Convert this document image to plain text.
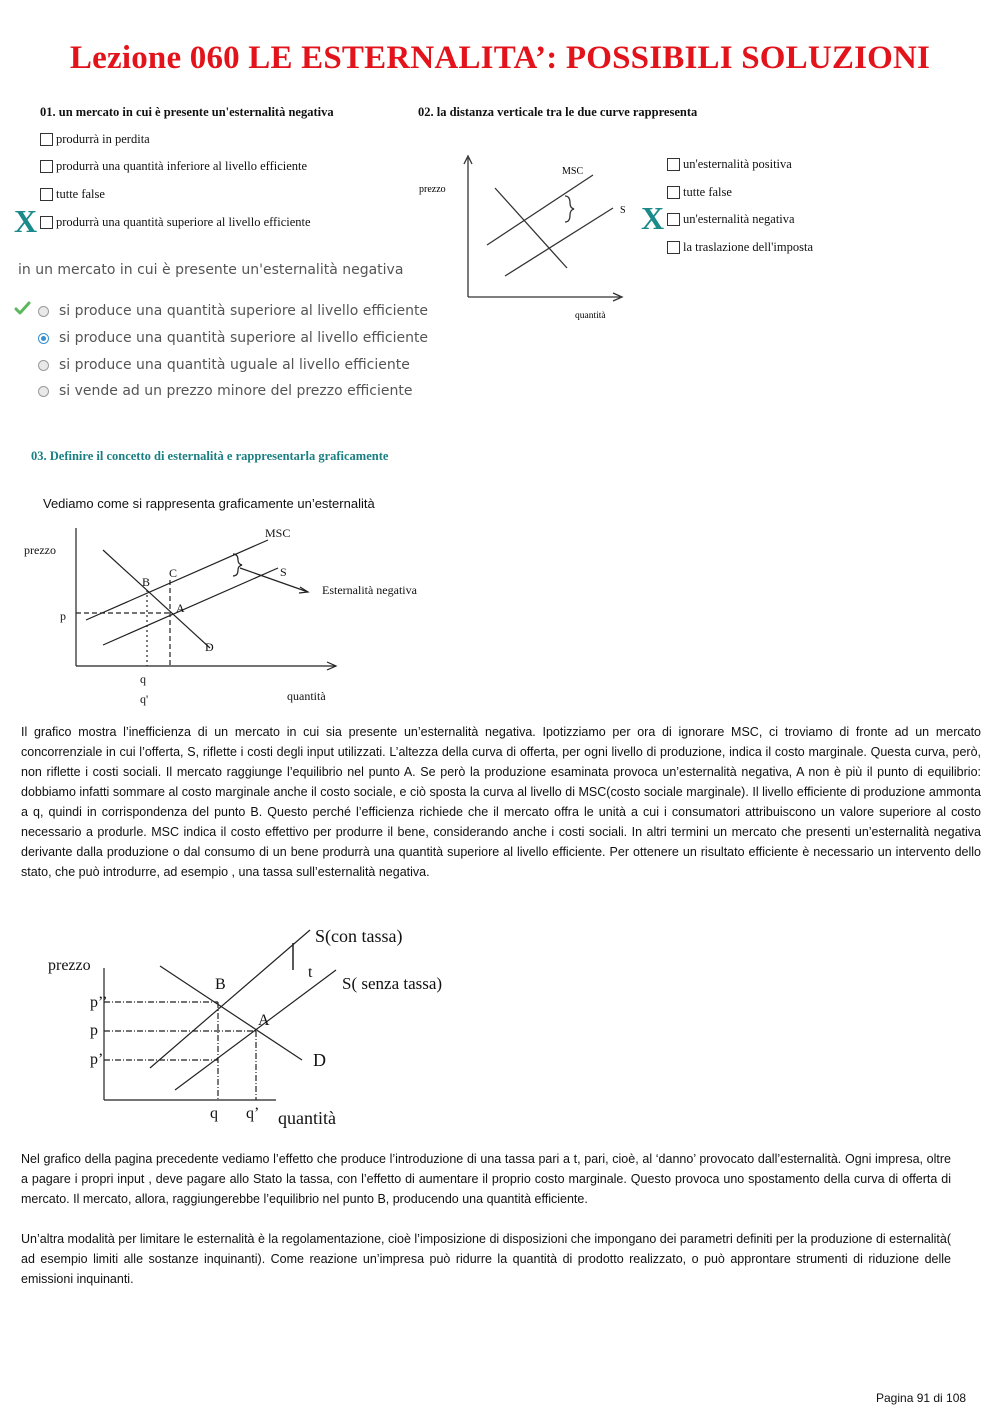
Lezione 060 LE ESTERNALITA’: POSSIBILI SOLUZIONI
01. un mercato in cui è presente un'esternalità negativa
produrrà in perdita
produrrà una quantità inferiore al livello efficiente
tutte false
produrrà una quantità superiore al livello efficiente
X
02. la distanza verticale tra le due curve rappresenta
prezzo
MSC
S
quantità
un'esternalità positiva
tutte false
un'esternalità negativa
la traslazione dell'imposta
X
in un mercato in cui è presente un'esternalità negativa
si produce una quantità superiore al livello efficiente
si produce una quantità superiore al livello efficiente
si produce una quantità uguale al livello efficiente
si vende ad un prezzo minore del prezzo efficiente
03. Definire il concetto di esternalità e rappresentarla graficamente
Vediamo come si rappresenta graficamente un’esternalità
prezzo
MSC
S
Esternalità negativa
B
C
A
D
p
q
q'	quantità
Il grafico mostra l’inefficienza di un mercato in cui sia presente un’esternalità negativa. Ipotizziamo per ora di ignorare MSC, ci troviamo di fronte ad un mercato concorrenziale in cui l’offerta, S, riflette i costi degli input utilizzati. L’altezza della curva di offerta, per ogni livello di produzione, indica il costo marginale. Questa curva, però, non riflette i costi sociali. Il mercato raggiunge l’equilibrio nel punto A. Se però la produzione esaminata provoca un’esternalità negativa, A non è più il punto di equilibrio: dobbiamo infatti sommare al costo marginale anche il costo sociale, e ciò sposta la curva al livello di MSC(costo sociale marginale). Il livello efficiente di produzione ammonta a q, quindi in corrispondenza del punto B. Questo perché l’efficienza richiede che il mercato offra le unità a cui i consumatori attribuiscono un valore superiore al costo necessario a produrle. MSC indica il costo effettivo per produrre il bene, considerando anche i costi sociali. In altri termini un mercato che presenti un’esternalità negativa derivante dalla produzione o dal consumo di un bene produrrà una quantità superiore al livello efficiente. Per ottenere un risultato efficiente è necessario un intervento dello stato, che può introdurre, ad esempio , una tassa sull’esternalità negativa.
prezzo
S(con tassa)
S( senza tassa)
t
B
A
D
p’’
p
p’
q q’ quantità
Nel grafico della pagina precedente vediamo l’effetto che produce l’introduzione di una tassa pari a t, pari, cioè, al ‘danno’ provocato dall’esternalità. Ogni impresa, oltre a pagare i propri input , deve pagare allo Stato la tassa, con l’effetto di aumentare il proprio costo marginale. Questo provoca uno spostamento della curva di offerta di mercato. Il mercato, allora, raggiungerebbe l’equilibrio nel punto B, producendo una quantità efficiente.
Un’altra modalità per limitare le esternalità è la regolamentazione, cioè l’imposizione di disposizioni che impongano dei parametri definiti per la produzione di esternalità( ad esempio limiti alle sostanze inquinanti). Come reazione un’impresa può ridurre la quantità di prodotto realizzato, o può approntare strumenti di riduzione delle emissioni inquinanti.
Pagina 91 di 108
